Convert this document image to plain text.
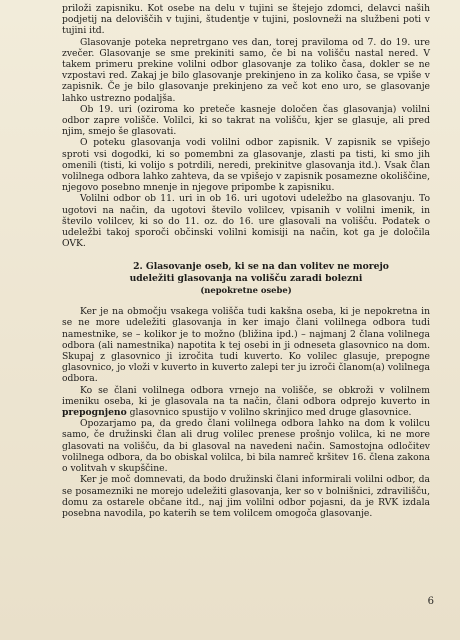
priloži zapisniku. Kot osebe na delu v tujini se štejejo zdomci, delavci naših podjetij na deloviščih v tujini, študentje v tujini, poslovneži na službeni poti v tujini itd.

Glasovanje poteka nepretrgano ves dan, torej praviloma od 7. do 19. ure zvečer. Glasovanje se sme prekiniti samo, če bi na volišču nastal nered. V takem primeru prekine volilni odbor glasovanje za toliko časa, dokler se ne vzpostavi red. Zakaj je bilo glasovanje prekinjeno in za koliko časa, se vpiše v zapisnik. Če je bilo glasovanje prekinjeno za več kot eno uro, se glasovanje lahko ustrezno podaljša.

Ob 19. uri (oziroma ko preteče kasneje določen čas glasovanja) volilni odbor zapre volišče. Volilci, ki so takrat na volišču, kjer se glasuje, ali pred njim, smejo še glasovati.

O poteku glasovanja vodi volilni odbor zapisnik. V zapisnik se vpišejo sproti vsi dogodki, ki so pomembni za glasovanje, zlasti pa tisti, ki smo jih omenili (tisti, ki volijo s potrdili, neredi, prekinitve glasovanja itd.). Vsak član volilnega odbora lahko zahteva, da se vpišejo v zapisnik posamezne okoliščine, njegovo posebno mnenje in njegove pripombe k zapisniku.

Volilni odbor ob 11. uri in ob 16. uri ugotovi udeležbo na glasovanju. To ugotovi na način, da ugotovi število volilcev, vpisanih v volilni imenik, in število volilcev, ki so do 11. oz. do 16. ure glasovali na volišču. Podatek o udeležbi takoj sporoči občinski volilni komisiji na način, kot ga je določila OVK.

2. Glasovanje oseb, ki se na dan volitev ne morejo
udeležiti glasovanja na volišču zaradi bolezni
(nepokretne osebe)

Ker je na območju vsakega volišča tudi kakšna oseba, ki je nepokretna in se ne more udeležiti glasovanja in ker imajo člani volilnega odbora tudi namestnike, se – kolikor je to možno (bližina ipd.) – najmanj 2 člana volilnega odbora (ali namestnika) napotita k tej osebi in ji odneseta glasovnico na dom. Skupaj z glasovnico ji izročita tudi kuverto. Ko volilec glasuje, prepogne glasovnico, jo vloži v kuverto in kuverto zalepi ter ju izroči članom(a) volilnega odbora.

Ko se člani volilnega odbora vrnejo na volišče, se obkroži v volilnem imeniku oseba, ki je glasovala na ta način, člani odbora odprejo kuverto in prepognjeno glasovnico spustijo v volilno skrinjico med druge glasovnice.

Opozarjamo pa, da gredo člani volilnega odbora lahko na dom k volilcu samo, če družinski član ali drug volilec prenese prošnjo volilca, ki ne more glasovati na volišču, da bi glasoval na navedeni način. Samostojna odločitev volilnega odbora, da bo obiskal volilca, bi bila namreč kršitev 16. člena zakona o volitvah v skupščine.

Ker je moč domnevati, da bodo družinski člani informirali volilni odbor, da se posamezniki ne morejo udeležiti glasovanja, ker so v bolnišnici, zdravilišču, domu za ostarele občane itd., naj jim volilni odbor pojasni, da je RVK izdala posebna navodila, po katerih se tem volilcem omogoča glasovanje.

6
